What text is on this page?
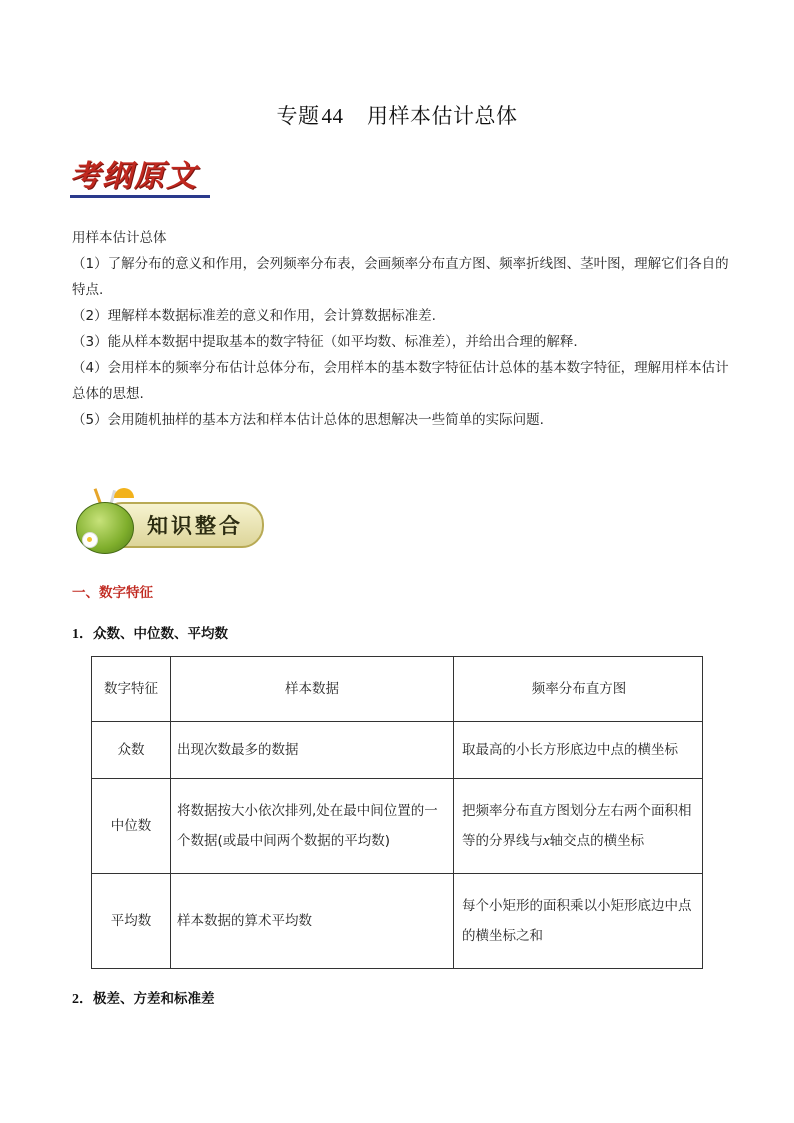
专题44 用样本估计总体
考纲原文

用样本估计总体

（1）了解分布的意义和作用，会列频率分布表，会画频率分布直方图、频率折线图、茎叶图，理解它们各自的特点.

（2）理解样本数据标准差的意义和作用，会计算数据标准差.

（3）能从样本数据中提取基本的数字特征（如平均数、标准差），并给出合理的解释.

（4）会用样本的频率分布估计总体分布，会用样本的基本数字特征估计总体的基本数字特征，理解用样本估计总体的思想.

（5）会用随机抽样的基本方法和样本估计总体的思想解决一些简单的实际问题.

知识整合
一、数字特征
1．众数、中位数、平均数
数字特征	样本数据	频率分布直方图
众数	出现次数最多的数据	取最高的小长方形底边中点的横坐标
中位数	将数据按大小依次排列,处在最中间位置的一个数据(或最中间两个数据的平均数)	把频率分布直方图划分左右两个面积相等的分界线与x轴交点的横坐标
平均数	样本数据的算术平均数	每个小矩形的面积乘以小矩形底边中点的横坐标之和
2．极差、方差和标准差
